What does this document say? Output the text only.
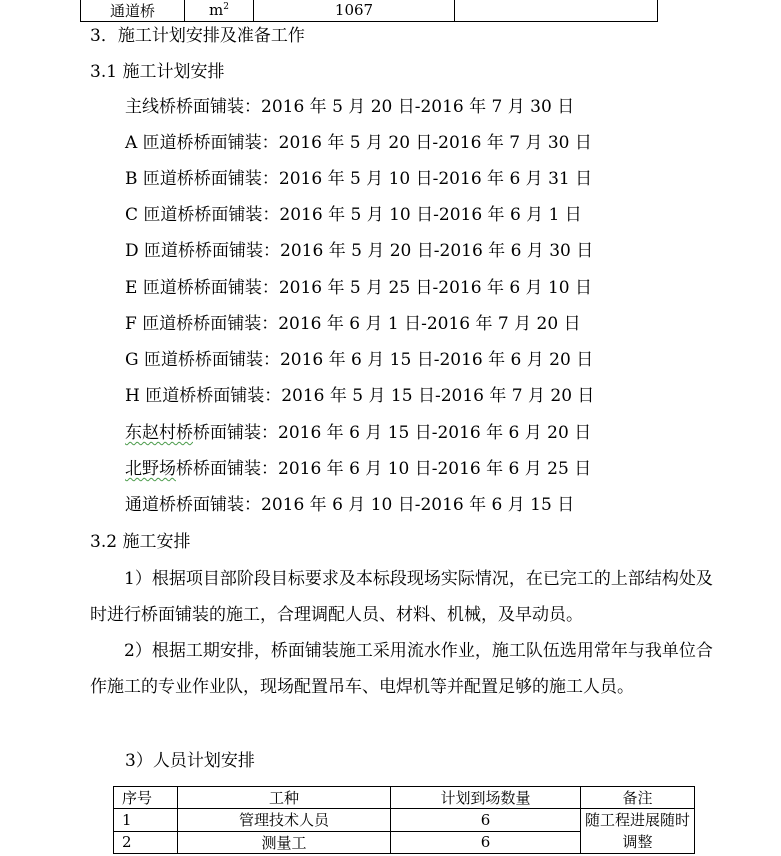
通道桥	$m^2$	1067	
3．施工计划安排及准备工作
3.1 施工计划安排
主线桥桥面铺装：2016 年 5 月 20 日-2016 年 7 月 30 日
A 匝道桥桥面铺装：2016 年 5 月 20 日-2016 年 7 月 30 日
B 匝道桥桥面铺装：2016 年 5 月 10 日-2016 年 6 月 31 日
C 匝道桥桥面铺装：2016 年 5 月 10 日-2016 年 6 月 1 日
D 匝道桥桥面铺装：2016 年 5 月 20 日-2016 年 6 月 30 日
E 匝道桥桥面铺装：2016 年 5 月 25 日-2016 年 6 月 10 日
F 匝道桥桥面铺装：2016 年 6 月 1 日-2016 年 7 月 20 日
G 匝道桥桥面铺装：2016 年 6 月 15 日-2016 年 6 月 20 日
H 匝道桥桥面铺装：2016 年 5 月 15 日-2016 年 7 月 20 日
东赵村桥桥面铺装：2016 年 6 月 15 日-2016 年 6 月 20 日
北野场桥桥面铺装：2016 年 6 月 10 日-2016 年 6 月 25 日
通道桥桥面铺装：2016 年 6 月 10 日-2016 年 6 月 15 日
3.2 施工安排
1）根据项目部阶段目标要求及本标段现场实际情况，在已完工的上部结构处及时进行桥面铺装的施工，合理调配人员、材料、机械，及早动员。
2）根据工期安排，桥面铺装施工采用流水作业，施工队伍选用常年与我单位合作施工的专业作业队，现场配置吊车、电焊机等并配置足够的施工人员。
3）人员计划安排
序号	工种	计划到场数量	备注
1	管理技术人员	6	随工程进展随时调整
2	测量工	6	
